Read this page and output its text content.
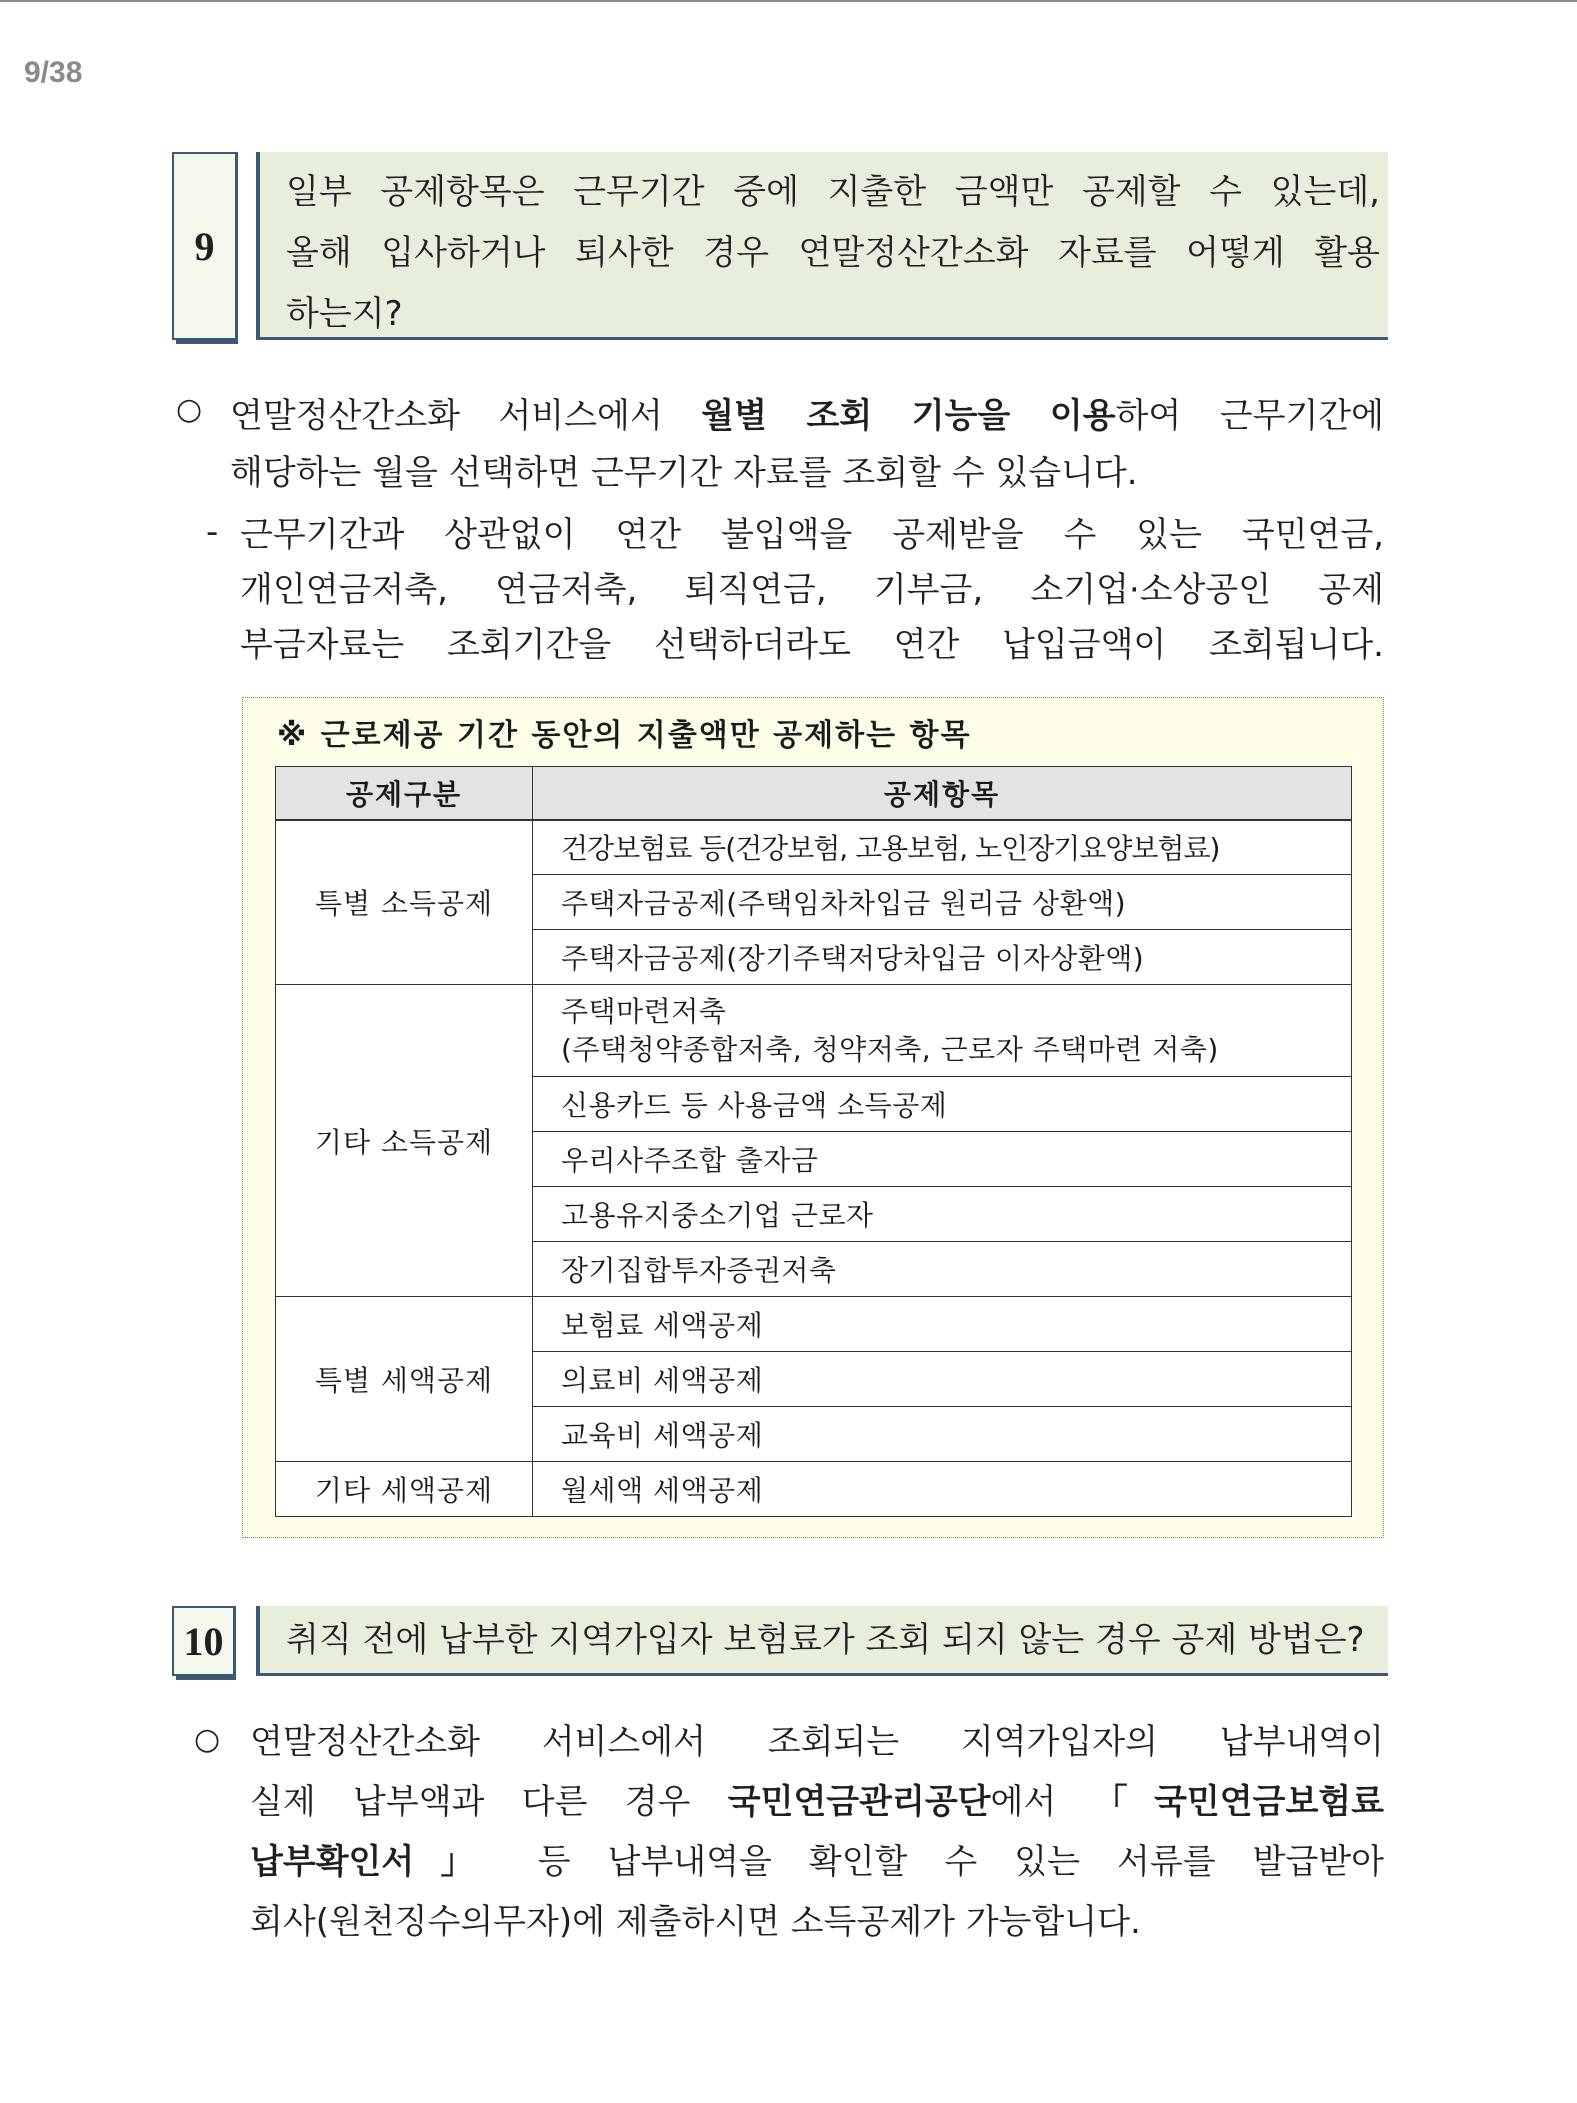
9/38
9
일부 공제항목은 근무기간 중에 지출한 금액만 공제할 수 있는데,
올해 입사하거나 퇴사한 경우 연말정산간소화 자료를 어떻게 활용
하는지?
○ 연말정산간소화 서비스에서 월별 조회 기능을 이용하여 근무기간에
해당하는 월을 선택하면 근무기간 자료를 조회할 수 있습니다.
- 근무기간과 상관없이 연간 불입액을 공제받을 수 있는 국민연금,
개인연금저축, 연금저축, 퇴직연금, 기부금, 소기업·소상공인 공제
부금자료는 조회기간을 선택하더라도 연간 납입금액이 조회됩니다.
※ 근로제공 기간 동안의 지출액만 공제하는 항목
공제구분	공제항목
특별 소득공제	건강보험료 등(건강보험, 고용보험, 노인장기요양보험료)
	주택자금공제(주택임차차입금 원리금 상환액)
	주택자금공제(장기주택저당차입금 이자상환액)
기타 소득공제	주택마련저축
(주택청약종합저축, 청약저축, 근로자 주택마련 저축)

	신용카드 등 사용금액 소득공제
	우리사주조합 출자금
	고용유지중소기업 근로자
	장기집합투자증권저축
특별 세액공제	보험료 세액공제
	의료비 세액공제
	교육비 세액공제
기타 세액공제	월세액 세액공제
10	취직 전에 납부한 지역가입자 보험료가 조회 되지 않는 경우 공제 방법은?
○ 연말정산간소화 서비스에서 조회되는 지역가입자의 납부내역이
실제 납부액과 다른 경우 국민연금관리공단에서 「국민연금보험료
납부확인서」 등 납부내역을 확인할 수 있는 서류를 발급받아
회사(원천징수의무자)에 제출하시면 소득공제가 가능합니다.
